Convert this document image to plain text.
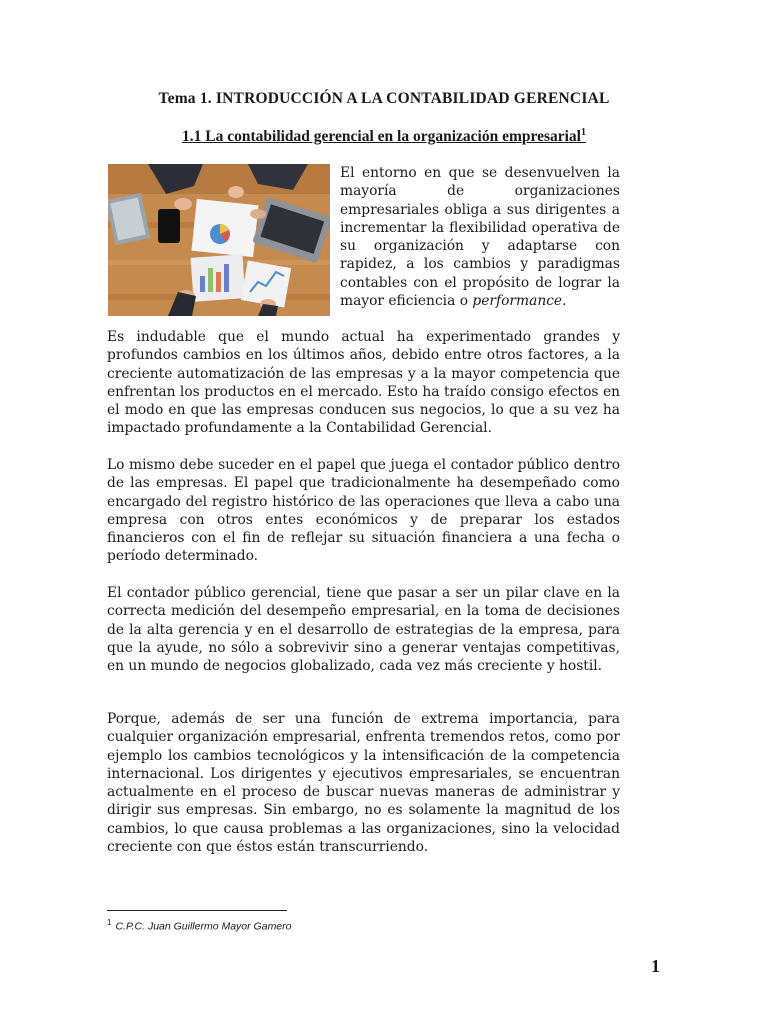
Tema 1. INTRODUCCIÓN A LA CONTABILIDAD GERENCIAL
1.1 La contabilidad gerencial en la organización empresarial$^1$

El entorno en que se desenvuelven la mayoría de organizaciones empresariales obliga a sus dirigentes a incrementar la flexibilidad operativa de su organización y adaptarse con rapidez, a los cambios y paradigmas contables con el propósito de lograr la mayor eficiencia o performance.

Es indudable que el mundo actual ha experimentado grandes y profundos cambios en los últimos años, debido entre otros factores, a la creciente automatización de las empresas y a la mayor competencia que enfrentan los productos en el mercado. Esto ha traído consigo efectos en el modo en que las empresas conducen sus negocios, lo que a su vez ha impactado profundamente a la Contabilidad Gerencial.

Lo mismo debe suceder en el papel que juega el contador público dentro de las empresas. El papel que tradicionalmente ha desempeñado como encargado del registro histórico de las operaciones que lleva a cabo una empresa con otros entes económicos y de preparar los estados financieros con el fin de reflejar su situación financiera a una fecha o período determinado.

El contador público gerencial, tiene que pasar a ser un pilar clave en la correcta medición del desempeño empresarial, en la toma de decisiones de la alta gerencia y en el desarrollo de estrategias de la empresa, para que la ayude, no sólo a sobrevivir sino a generar ventajas competitivas, en un mundo de negocios globalizado, cada vez más creciente y hostil.

Porque, además de ser una función de extrema importancia, para cualquier organización empresarial, enfrenta tremendos retos, como por ejemplo los cambios tecnológicos y la intensificación de la competencia internacional. Los dirigentes y ejecutivos empresariales, se encuentran actualmente en el proceso de buscar nuevas maneras de administrar y dirigir sus empresas. Sin embargo, no es solamente la magnitud de los cambios, lo que causa problemas a las organizaciones, sino la velocidad creciente con que éstos están transcurriendo.

$^1$ C.P.C. Juan Guillermo Mayor Gamero
1
